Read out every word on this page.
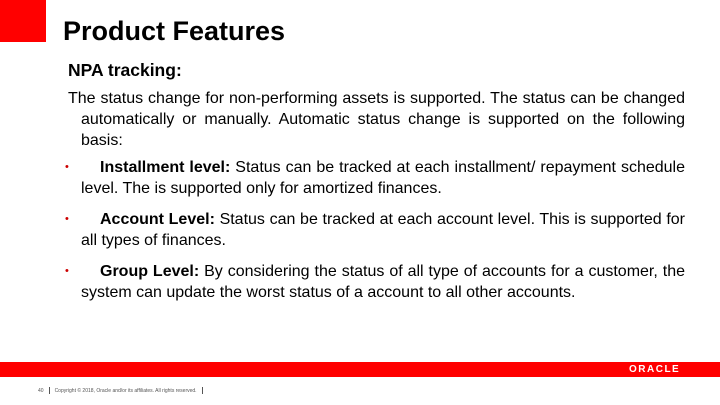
Product Features
NPA tracking:
The status change for non-performing assets is supported. The status can be changed automatically or manually. Automatic status change is supported on the following basis:
• Installment level: Status can be tracked at each installment/ repayment schedule level. The is supported only for amortized finances.
• Account Level: Status can be tracked at each account level. This is supported for all types of finances.
• Group Level: By considering the status of all type of accounts for a customer, the system can update the worst status of a account to all other accounts.
ORACLE
40 Copyright © 2018, Oracle and/or its affiliates. All rights reserved.
